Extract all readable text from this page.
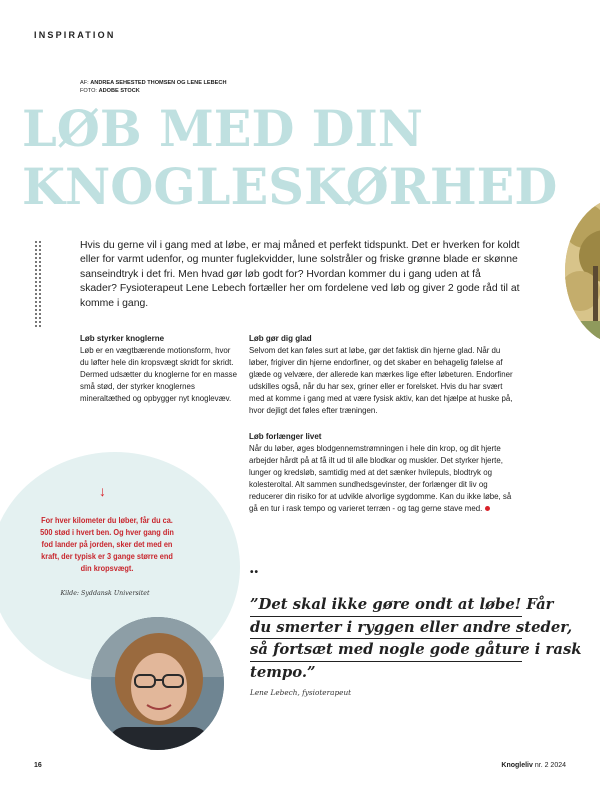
INSPIRATION
AF: ANDREA SEHESTED THOMSEN OG LENE LEBECH
FOTO: ADOBE STOCK
LØB MED DIN
KNOGLESKØRHED
Hvis du gerne vil i gang med at løbe, er maj måned et perfekt tidspunkt. Det er hverken for koldt eller for varmt udenfor, og munter fuglekvidder, lune solstråler og friske grønne blade er skønne sanseindtryk i det fri. Men hvad gør løb godt for? Hvordan kommer du i gang uden at få skader? Fysioterapeut Lene Lebech fortæller her om fordelene ved løb og giver 2 gode råd til at komme i gang.
Løb styrker knoglerne

Løb er en vægtbærende motionsform, hvor du løfter hele din kropsvægt skridt for skridt. Dermed udsætter du knoglerne for en masse små stød, der styrker knoglernes mineraltæthed og opbygger nyt knoglevæv.

Løb gør dig glad

Selvom det kan føles surt at løbe, gør det faktisk din hjerne glad. Når du løber, frigiver din hjerne endorfiner, og det skaber en behagelig følelse af glæde og velvære, der allerede kan mærkes lige efter løbeturen. Endorfiner udskilles også, når du har sex, griner eller er forelsket. Hvis du har svært med at komme i gang med at være fysisk aktiv, kan det hjælpe at huske på, hvor dejligt det føles efter træningen.

Løb forlænger livet

Når du løber, øges blodgennemstrømningen i hele din krop, og dit hjerte arbejder hårdt på at få ilt ud til alle blodkar og muskler. Det styrker hjerte, lunger og kredsløb, samtidig med at det sænker hvilepuls, blodtryk og kolesteroltal. Alt sammen sundhedsgevinster, der forlænger dit liv og reducerer din risiko for at udvikle alvorlige sygdomme. Kan du ikke løbe, så gå en tur i rask tempo og varieret terræn - og tag gerne stave med.

↓
For hver kilometer du løber, får du ca. 500 stød i hvert ben. Og hver gang din fod lander på jorden, sker det med en kraft, der typisk er 3 gange større end din kropsvægt.
Kilde: Syddansk Universitet
••
”Det skal ikke gøre ondt at løbe! Får
du smerter i ryggen eller andre steder,
så fortsæt med nogle gode gåture i rask
tempo.”
Lene Lebech, fysioterapeut
16	Knogleliv nr. 2 2024
